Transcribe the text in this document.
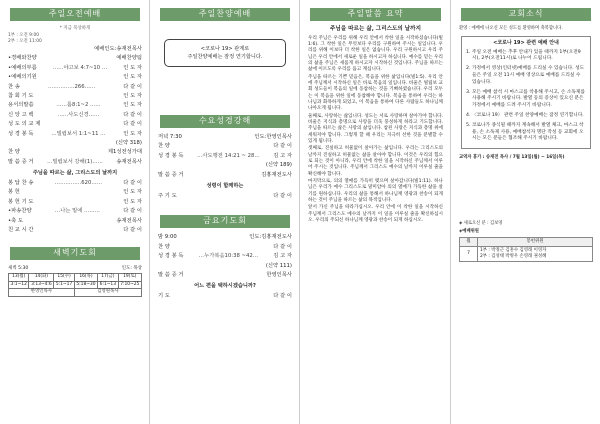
주일오전예배
* 지금 묵상하게
1부 : 오전 9:00
2부 : 오전 11:00
예배인도:송재전목사
•경배와찬양	예배찬양팀
•예배의부름	……야고보 4:7~10 …	인 도 자
•예배의기원	인 도 자
찬 송	……………266……	다 같 이
참 회 기 도	인 도 자
용서의말씀	……롬8:1~2 ……	인 도 자
신 앙 고 백	……사도신경……	다 같 이
성 도 의 교 제	다 같 이
성 경 봉 독	…빌립보서 1:1~11 …	인 도 자
(신약 318)
찬 양	제1성전성가대
말 씀 증 거	…빌립보서 강해(1)……	송재전목사
주님을 따르는 삶, 그리스도의 날까지
봉 답 찬 송	……………620……	다 같 이
봉 헌	인 도 자
봉 헌 기 도	인 도 자
•파송찬양	…나는 밑에 ………	다 같 이
•축 도	송재전목사
친 교 시 간	다 같 이
새벽기도회
새벽 5:30	인도: 목상
13(월)	14(화)	15(수)	16(목)	17(금)	19(토)
3:1~12	3:13~4:6	5:1~17	5:18~30	6:1~13	7:10~25
한영인목사			김영원목사		
주일찬양예배
<코로나 19> 관계로
주일찬양예배는 잠정 연기합니다.
수요성경강해
저녁 7:30	인도:한영인목사
찬 양	다 같 이
성 경 봉 독	…사도행전 14:21 ~ 28…	김 고 자
(신약 189)
말 씀 증 거	김홍재전도사
성령이 함께하는
주 기 도	다 같 이
금요기도회
밤 9:00	인도:김홍재전도사
찬 양	다 같 이
성 경 봉 독	…누가복음10:38 ~42…	김 고 자
(신약 111)
말 씀 증 거	한영인목사
어느 편을 택하시겠습니까?
기 도	다 같 이
주일말씀 요약
주님을 따르는 삶, 그리스도의 날까지

우리 주님은 우리를 위해 우리 안에서 착한 일을 시작하셨습니다(빌1:6). 그 착한 일은 무엇보다 우리를 구원하여 주시는 일입니다. 우리를 위해 이보다 더 착한 일은 없습니다. 우리 구원하시고 우리 주님은 우리 안에서 새로운 일을 하시고자 하십니다. 예수를 믿는 우리의 삶을 주님은 새롭게 하시고자 시작하신 것입니다. 주님을 따르는 삶에 이르도록 우리를 돕고 계십니다.

주님을 따르는 기쁜 믿음은, 복음을 위한 삶입니다(빌1:5). 우리 안에 주님께서 시작하신 일은 바로 복음의 일입니다. 바울은 빌립보 교회 성도들이 복음의 일에 동참하는 것을 기뻐하였습니다. 우리 모두는 이 복음을 위한 일에 동참해야 합니다. 복음을 통하여 우리는 하나님과 화목하게 되었고, 이 복음을 통하여 다른 사람들도 하나님께 나아오게 됩니다.

둘째로, 사랑하는 삶입니다. 성도는 서로 사랑하며 살아가야 합니다. 바울은 지식과 총명으로 사랑을 더욱 풍성하게 하라고 기도합니다. 주님을 따르는 삶은 사랑의 삶입니다. 참된 사랑은 지식과 총명 위에 세워져야 합니다. 그렇게 할 때 우리는 지극히 선한 것을 분별할 수 있게 됩니다.

셋째로, 진실하고 허물없이 살아가는 삶입니다. 우리는 그리스도의 날까지 진실하고 허물없는 삶을 살아야 합니다. 이것은 우리의 힘으로 되는 것이 아니라, 우리 안에 착한 일을 시작하신 주님께서 이루어 주시는 것입니다. 주님께서 그리스도 예수의 날까지 이루실 줄을 확신해야 합니다.

마지막으로, 의의 열매를 가득히 맺으며 살아갑니다(빌1:11). 하나님은 우리가 예수 그리스도로 말미암아 의의 열매가 가득한 삶을 살기를 원하십니다. 우리의 삶을 통해서 하나님께 영광과 찬송이 되게 하는 것이 주님을 따르는 삶의 목적입니다.

앞서 가신 주님을 따라가십시오. 우리 안에 이 착한 일을 시작하신 주님께서 그리스도 예수의 날까지 이 일을 이루실 줄을 확신하십시오. 우리의 주되신 하나님께 영광과 찬송이 되게 하십시오.

교회소식
환영 : 예배에 나오신 모든 성도를 환영하며 축복합니다.
<코로나 19> 관련 예배 안내
1. 주일 오전 예배는 추후 안내가 있을 때까지 1부(오전9시), 2부(오전11시)로 나누어 드립니다.
2. 가정에서 영상(인터넷)예배를 드리실 수 있습니다. 성도들은 주일 오전 11시 예배 영상으로 예배를 드리실 수 있습니다.
3. 모든 예배 참석 시 마스크를 착용해 주시고, 손 소독제를 사용해 주시기 바랍니다. 발열 등의 증상이 있으신 분은 가정에서 예배를 드려 주시기 바랍니다.
4. 〈코로나 19〉 관련 주일 찬양예배는 잠정 연기합니다.
5. 코로나가 종식될 때까지 계속해서 발열 체크, 마스크 착용, 손 소독제 사용, 예배참석자 명단 작성 등 교회에 오시는 모든 분들은 협조해 주시기 바랍니다.
교역자 휴가 : 송재전 목사 / 7월 13일(월) ~ 16일(목)
◈ 새로오신 분 : 김보영
◈예배위원
월	봉헌위원
7	1부 : 박정근 김홍수 김영래 이영자
2부 : 김성태 박병우 손영래 권성혜
